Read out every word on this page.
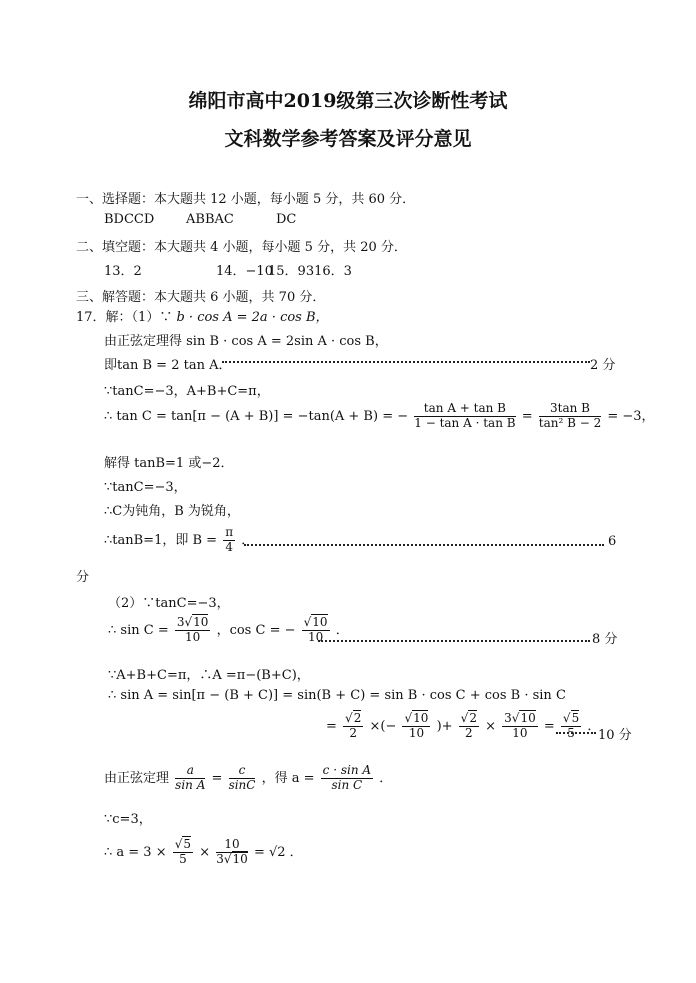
绵阳市高中2019级第三次诊断性考试
文科数学参考答案及评分意见
一、选择题：本大题共 12 小题，每小题 5 分，共 60 分．
BDCCD ABBAC	DC
二、填空题：本大题共 4 小题，每小题 5 分，共 20 分．
13．2	14．−10
15．9316．3
三、解答题：本大题共 6 小题，共 70 分．
17．解：（1）∵ b · cos A = 2a · cos B，
由正弦定理得 sin B · cos A = 2sin A · cos B，
即tan B = 2 tan A．	2 分
∵tanC=−3，A+B+C=π，
∴ tan C = tan[π − (A + B)] = −tan(A + B) = − $\frac{\text{tan A + tan B}}{\text{1 − tan A · tan B}} = \frac{\text{3tan B}}{\text{tan² B − 2}} = -3$，
解得 tanB=1 或−2．
∵tanC=−3，
∴C为钝角，B 为锐角，
∴tanB=1，即 $B = \frac{\pi}{4}$ ．	6
分
（2）∵tanC=−3，
∴ $\sin C = \frac{3√10}{10}$ ，cos C = − $\frac{√10}{10}$ ．
8 分
∵A+B+C=π，∴A =π−(B+C)，
∴ sin A = sin[π − (B + C)] = sin(B + C) = sin B · cos C + cos B · sin C
= $\frac{√2}{2}$ ×(− $\frac{√10}{10}$ )+ $\frac{√2}{2} \times \frac{3√10}{10} = \frac{√5}{5}$ ．
10 分
由正弦定理 $\frac{a}{\text{sin A}} = \frac{c}{\sin C}$ ，得 $a = \frac{\text{c · sin A}}{\text{sin C}}$ ．
∵c=3，
∴ $a = 3 \times \frac{√5}{5} \times \frac{10}{3√10} = √2$ ．
